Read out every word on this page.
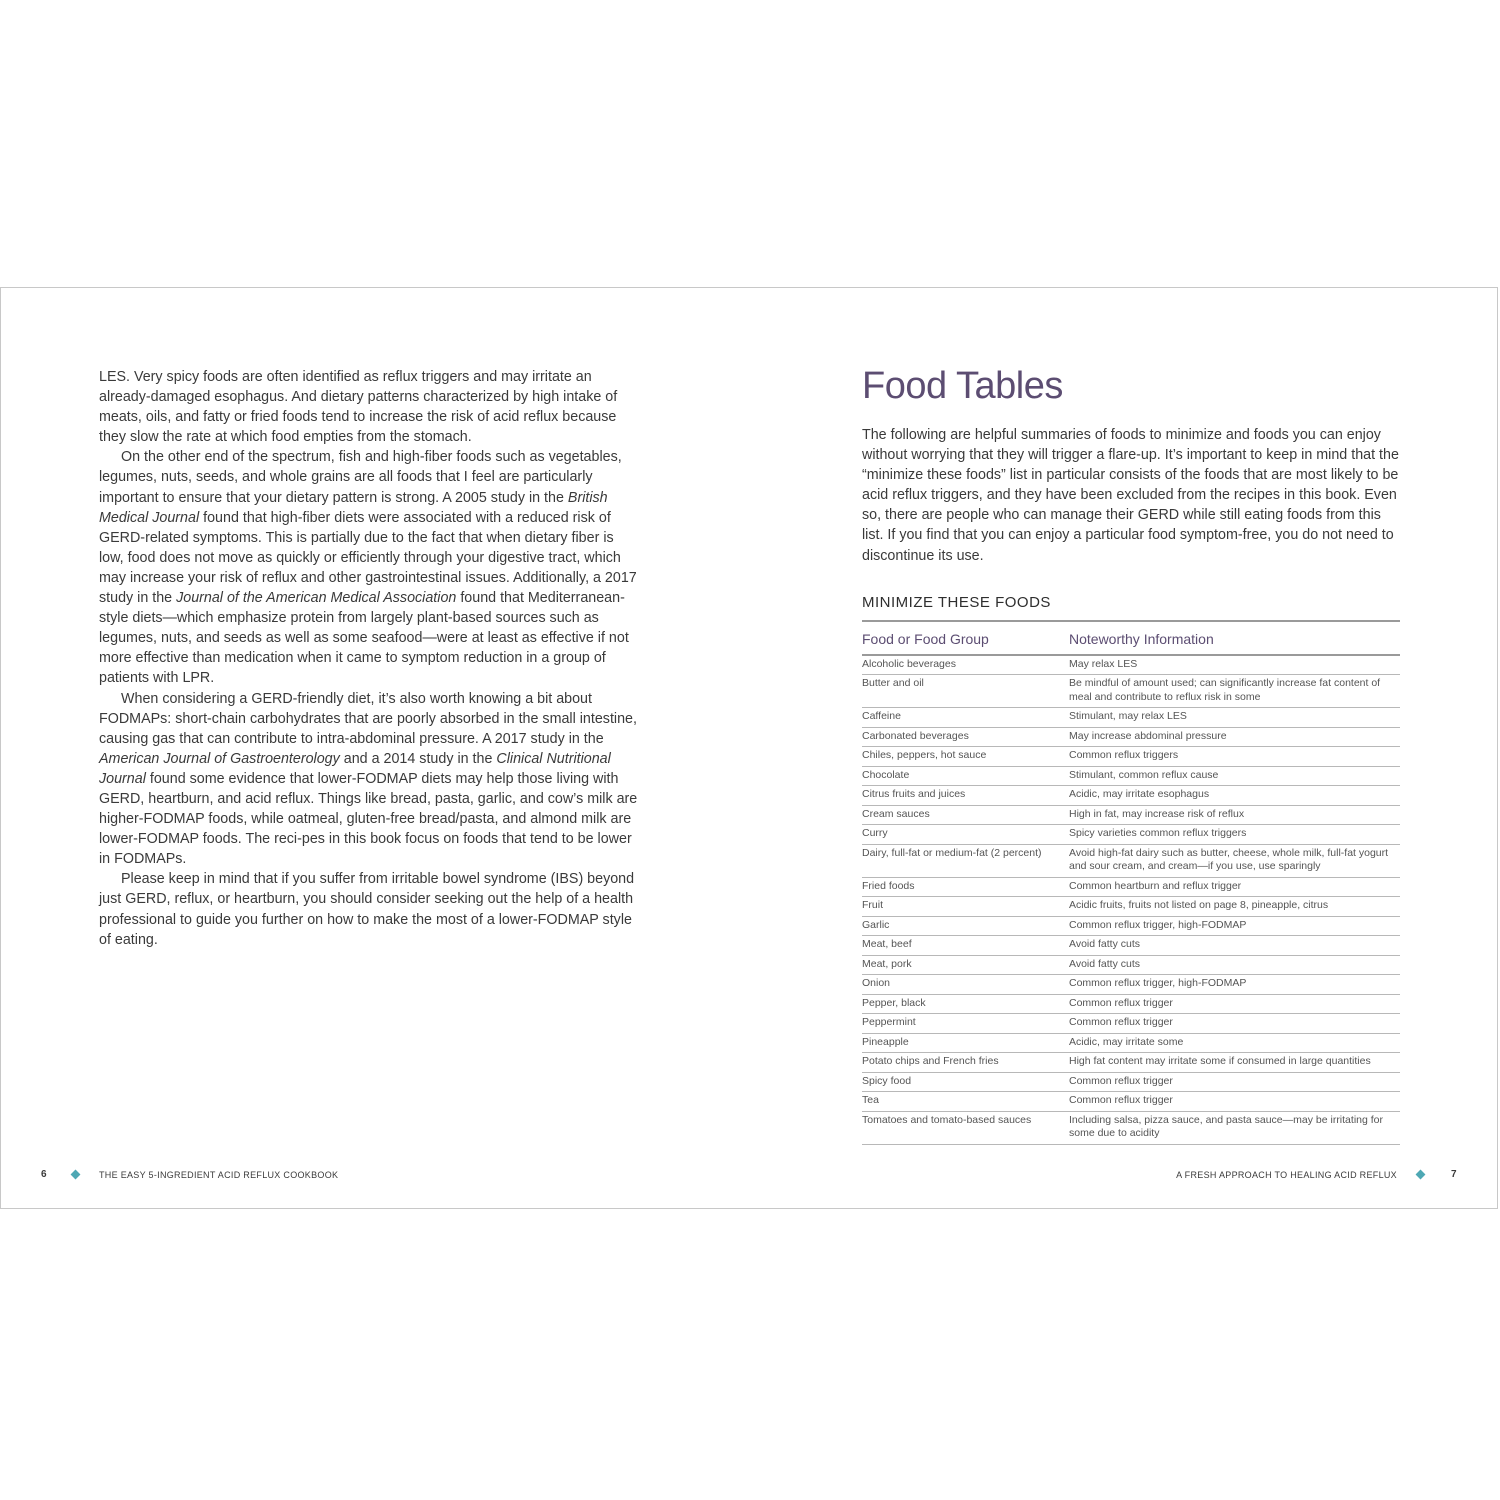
LES. Very spicy foods are often identified as reflux triggers and may irritate an already-damaged esophagus. And dietary patterns characterized by high intake of meats, oils, and fatty or fried foods tend to increase the risk of acid reflux because they slow the rate at which food empties from the stomach.

On the other end of the spectrum, fish and high-fiber foods such as vegetables, legumes, nuts, seeds, and whole grains are all foods that I feel are particularly important to ensure that your dietary pattern is strong. A 2005 study in the British Medical Journal found that high-fiber diets were associated with a reduced risk of GERD-related symptoms. This is partially due to the fact that when dietary fiber is low, food does not move as quickly or efficiently through your digestive tract, which may increase your risk of reflux and other gastrointestinal issues. Additionally, a 2017 study in the Journal of the American Medical Association found that Mediterranean-style diets—which emphasize protein from largely plant-based sources such as legumes, nuts, and seeds as well as some seafood—were at least as effective if not more effective than medication when it came to symptom reduction in a group of patients with LPR.

When considering a GERD-friendly diet, it’s also worth knowing a bit about FODMAPs: short-chain carbohydrates that are poorly absorbed in the small intestine, causing gas that can contribute to intra-abdominal pressure. A 2017 study in the American Journal of Gastroenterology and a 2014 study in the Clinical Nutritional Journal found some evidence that lower-FODMAP diets may help those living with GERD, heartburn, and acid reflux. Things like bread, pasta, garlic, and cow’s milk are higher-FODMAP foods, while oatmeal, gluten-free bread/pasta, and almond milk are lower-FODMAP foods. The reci-pes in this book focus on foods that tend to be lower in FODMAPs.

Please keep in mind that if you suffer from irritable bowel syndrome (IBS) beyond just GERD, reflux, or heartburn, you should consider seeking out the help of a health professional to guide you further on how to make the most of a lower-FODMAP style of eating.

Food Tables

The following are helpful summaries of foods to minimize and foods you can enjoy without worrying that they will trigger a flare-up. It’s important to keep in mind that the “minimize these foods” list in particular consists of the foods that are most likely to be acid reflux triggers, and they have been excluded from the recipes in this book. Even so, there are people who can manage their GERD while still eating foods from this list. If you find that you can enjoy a particular food symptom-free, you do not need to discontinue its use.

MINIMIZE THESE FOODS
Food or Food Group	Noteworthy Information
Alcoholic beverages	May relax LES
Butter and oil	Be mindful of amount used; can significantly increase fat content of meal and contribute to reflux risk in some
Caffeine	Stimulant, may relax LES
Carbonated beverages	May increase abdominal pressure
Chiles, peppers, hot sauce	Common reflux triggers
Chocolate	Stimulant, common reflux cause
Citrus fruits and juices	Acidic, may irritate esophagus
Cream sauces	High in fat, may increase risk of reflux
Curry	Spicy varieties common reflux triggers
Dairy, full-fat or medium-fat (2 percent)	Avoid high-fat dairy such as butter, cheese, whole milk, full-fat yogurt and sour cream, and cream—if you use, use sparingly
Fried foods	Common heartburn and reflux trigger
Fruit	Acidic fruits, fruits not listed on page 8, pineapple, citrus
Garlic	Common reflux trigger, high-FODMAP
Meat, beef	Avoid fatty cuts
Meat, pork	Avoid fatty cuts
Onion	Common reflux trigger, high-FODMAP
Pepper, black	Common reflux trigger
Peppermint	Common reflux trigger
Pineapple	Acidic, may irritate some
Potato chips and French fries	High fat content may irritate some if consumed in large quantities
Spicy food	Common reflux trigger
Tea	Common reflux trigger
Tomatoes and tomato-based sauces	Including salsa, pizza sauce, and pasta sauce—may be irritating for some due to acidity
6	THE EASY 5-INGREDIENT ACID REFLUX COOKBOOK	A FRESH APPROACH TO HEALING ACID REFLUX	7
